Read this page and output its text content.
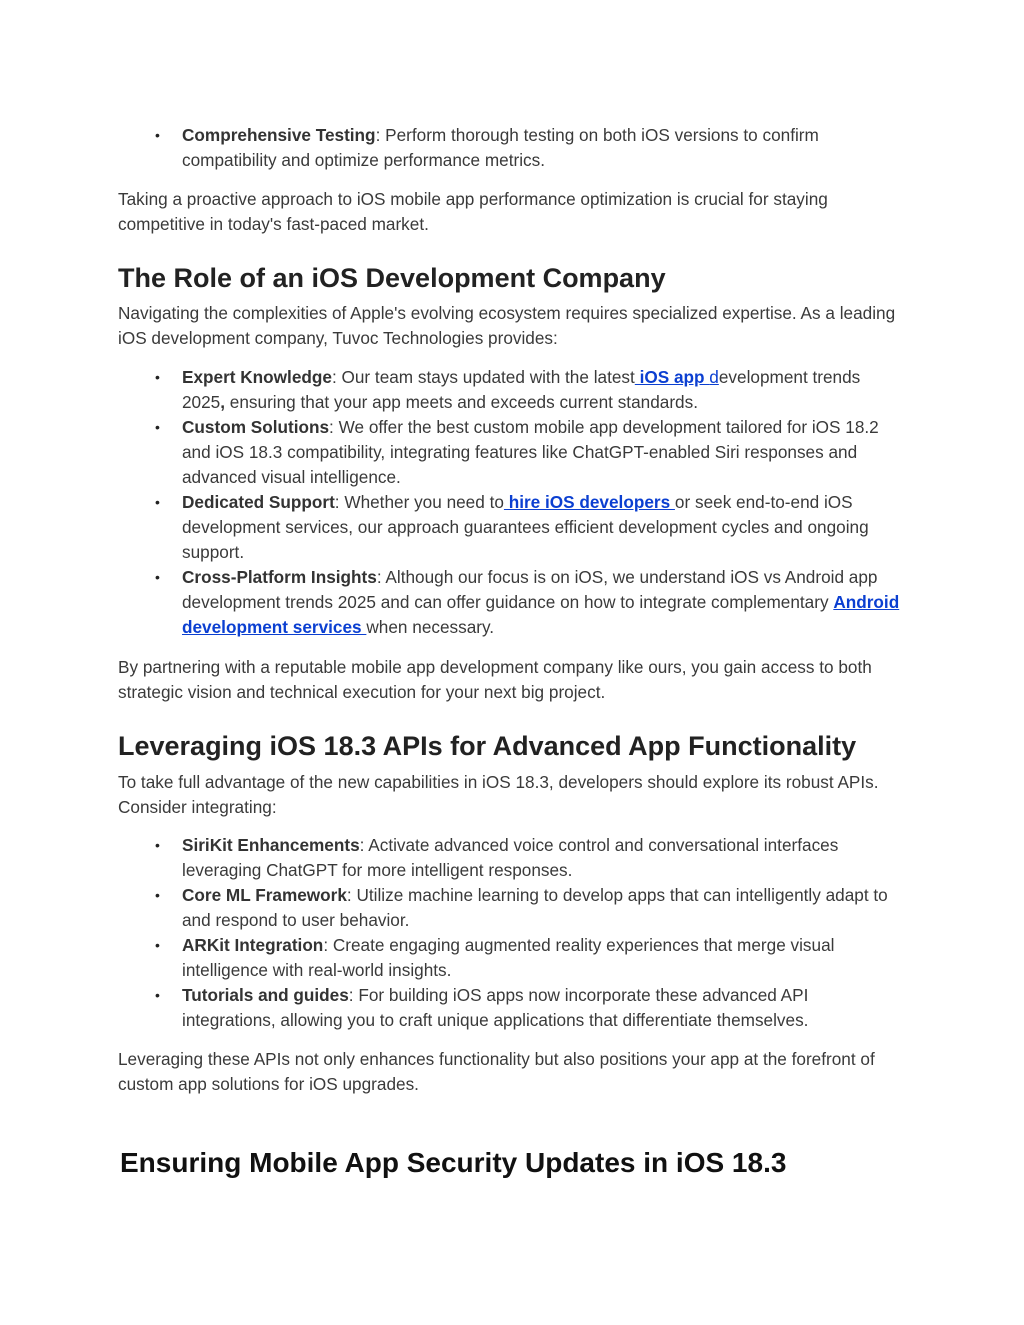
• Comprehensive Testing: Perform thorough testing on both iOS versions to confirm compatibility and optimize performance metrics.

Taking a proactive approach to iOS mobile app performance optimization is crucial for staying competitive in today's fast-paced market.

The Role of an iOS Development Company

Navigating the complexities of Apple's evolving ecosystem requires specialized expertise. As a leading iOS development company, Tuvoc Technologies provides:

• Expert Knowledge: Our team stays updated with the latest iOS app development trends 2025, ensuring that your app meets and exceeds current standards.
• Custom Solutions: We offer the best custom mobile app development tailored for iOS 18.2 and iOS 18.3 compatibility, integrating features like ChatGPT-enabled Siri responses and advanced visual intelligence.
• Dedicated Support: Whether you need to hire iOS developers or seek end-to-end iOS development services, our approach guarantees efficient development cycles and ongoing support.
• Cross-Platform Insights: Although our focus is on iOS, we understand iOS vs Android app development trends 2025 and can offer guidance on how to integrate complementary Android development services when necessary.

By partnering with a reputable mobile app development company like ours, you gain access to both strategic vision and technical execution for your next big project.

Leveraging iOS 18.3 APIs for Advanced App Functionality

To take full advantage of the new capabilities in iOS 18.3, developers should explore its robust APIs. Consider integrating:

• SiriKit Enhancements: Activate advanced voice control and conversational interfaces leveraging ChatGPT for more intelligent responses.
• Core ML Framework: Utilize machine learning to develop apps that can intelligently adapt to and respond to user behavior.
• ARKit Integration: Create engaging augmented reality experiences that merge visual intelligence with real-world insights.
• Tutorials and guides: For building iOS apps now incorporate these advanced API integrations, allowing you to craft unique applications that differentiate themselves.

Leveraging these APIs not only enhances functionality but also positions your app at the forefront of custom app solutions for iOS upgrades.

Ensuring Mobile App Security Updates in iOS 18.3
